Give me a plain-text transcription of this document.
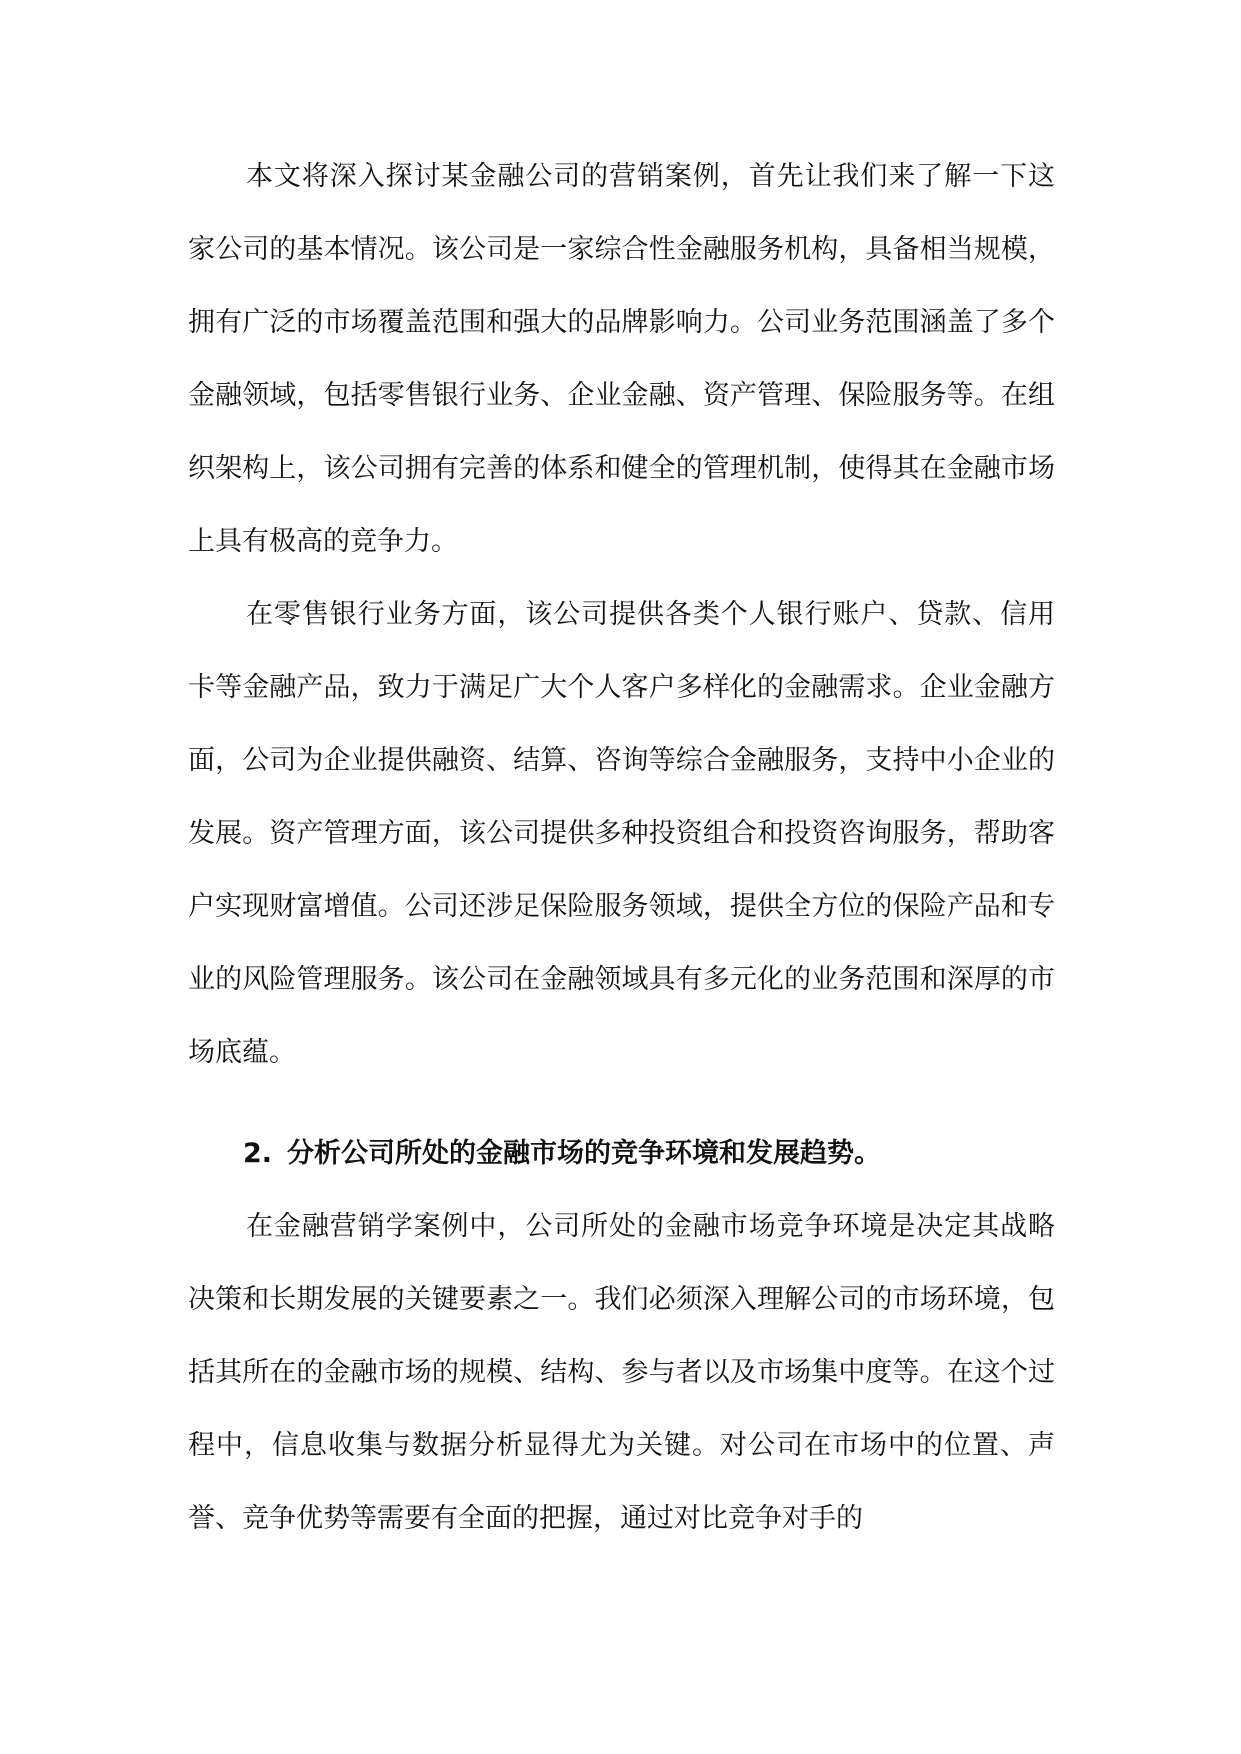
本文将深入探讨某金融公司的营销案例，首先让我们来了解一下这家公司的基本情况。该公司是一家综合性金融服务机构，具备相当规模，拥有广泛的市场覆盖范围和强大的品牌影响力。公司业务范围涵盖了多个金融领域，包括零售银行业务、企业金融、资产管理、保险服务等。在组织架构上，该公司拥有完善的体系和健全的管理机制，使得其在金融市场上具有极高的竞争力。

在零售银行业务方面，该公司提供各类个人银行账户、贷款、信用卡等金融产品，致力于满足广大个人客户多样化的金融需求。企业金融方面，公司为企业提供融资、结算、咨询等综合金融服务，支持中小企业的发展。资产管理方面，该公司提供多种投资组合和投资咨询服务，帮助客户实现财富增值。公司还涉足保险服务领域，提供全方位的保险产品和专业的风险管理服务。该公司在金融领域具有多元化的业务范围和深厚的市场底蕴。

2. 分析公司所处的金融市场的竞争环境和发展趋势。

在金融营销学案例中，公司所处的金融市场竞争环境是决定其战略决策和长期发展的关键要素之一。我们必须深入理解公司的市场环境，包括其所在的金融市场的规模、结构、参与者以及市场集中度等。在这个过程中，信息收集与数据分析显得尤为关键。对公司在市场中的位置、声誉、竞争优势等需要有全面的把握，通过对比竞争对手的
